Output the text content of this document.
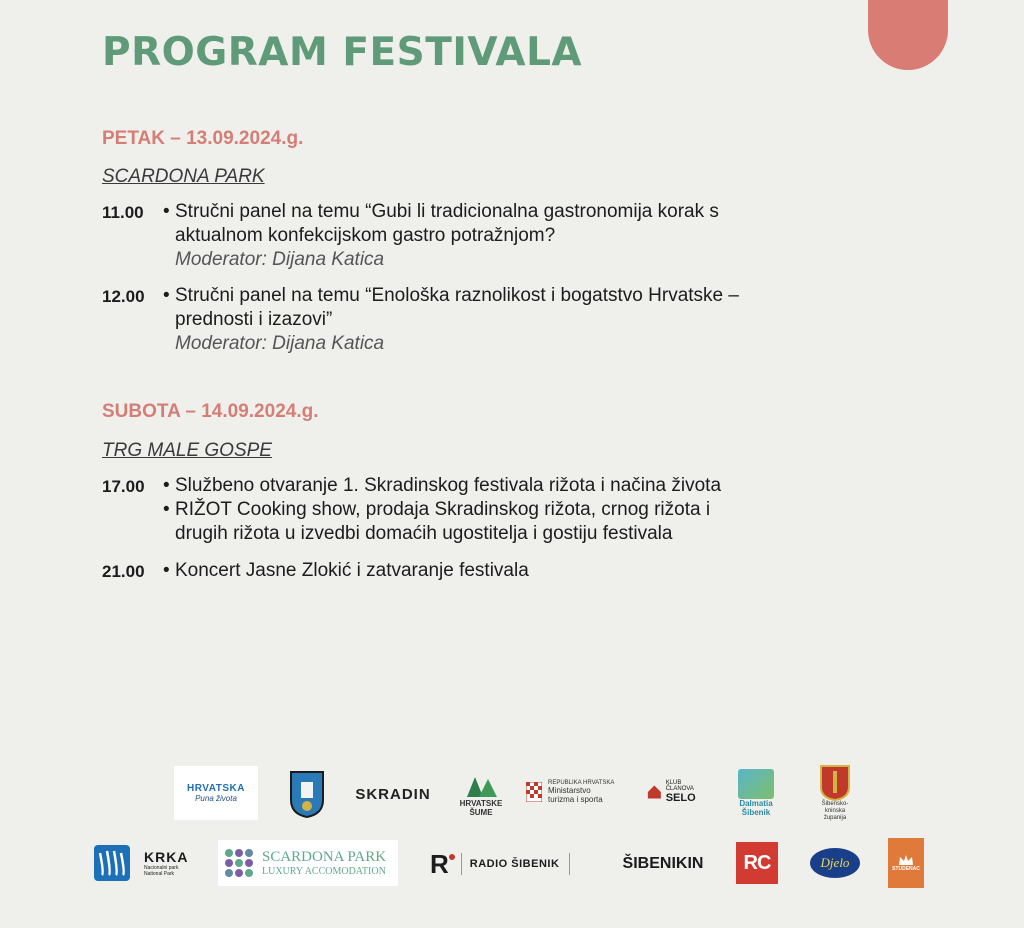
PROGRAM FESTIVALA
PETAK – 13.09.2024.g.
SCARDONA PARK
11.00 • Stručni panel na temu “Gubi li tradicionalna gastronomija korak s
aktualnom konfekcijskom gastro potražnjom?
Moderator: Dijana Katica
12.00 • Stručni panel na temu “Enološka raznolikost i bogatstvo Hrvatske –
prednosti i izazovi”
Moderator: Dijana Katica
SUBOTA – 14.09.2024.g.
TRG MALE GOSPE
17.00 • Službeno otvaranje 1. Skradinskog festivala rižota i načina života
• RIŽOT Cooking show, prodaja Skradinskog rižota, crnog rižota i
drugih rižota u izvedbi domaćih ugostitelja i gostiju festivala
21.00 • Koncert Jasne Zlokić i zatvaranje festivala
HRVATSKA
Puna života	SKRADIN
HRVATSKE ŠUME
REPUBLIKA HRVATSKA
Ministarstvo
turizma i sporta
KLUB ČLANOVA
SELO	Dalmatia
Šibenik
Šibensko-kninska
županija
KRKA
Nacionalni park
National Park
SCARDONA PARK
LUXURY ACCOMODATION R RADIO ŠIBENIK	ŠIBENIKIN RC	Djelo	STUDENAC
